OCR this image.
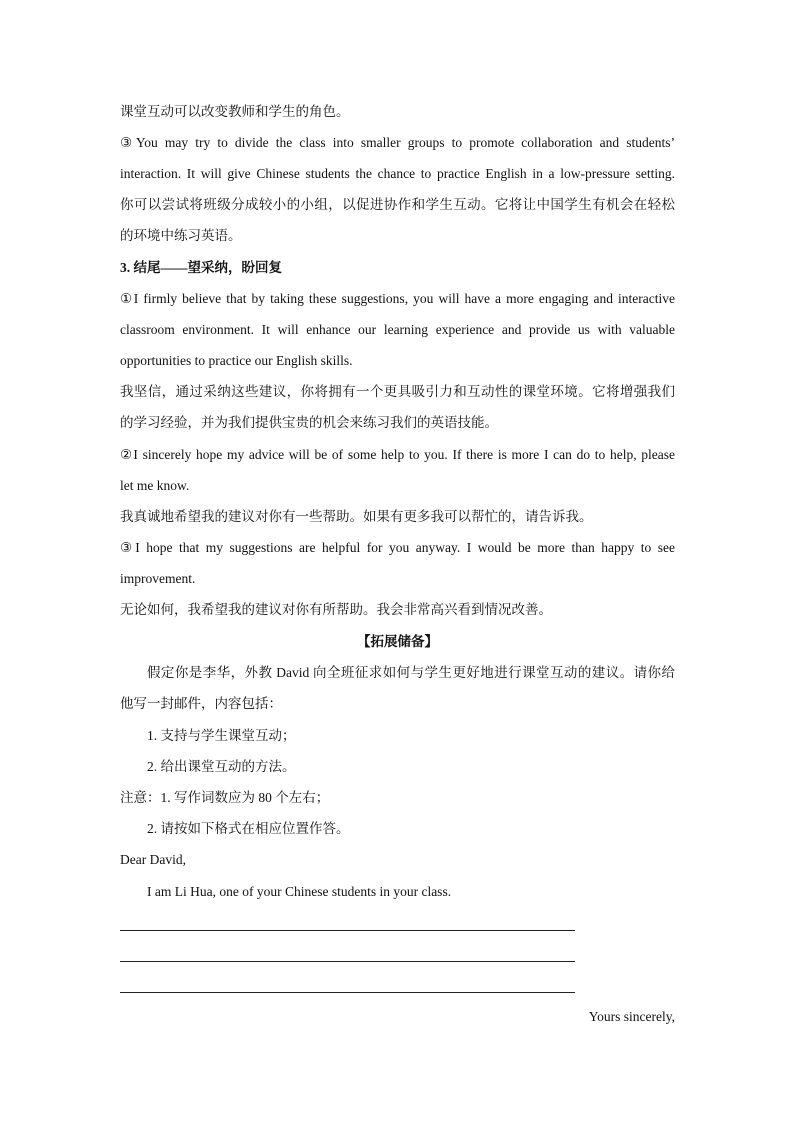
课堂互动可以改变教师和学生的角色。
③You may try to divide the class into smaller groups to promote collaboration and students’
interaction. It will give Chinese students the chance to practice English in a low-pressure setting.
你可以尝试将班级分成较小的小组，以促进协作和学生互动。它将让中国学生有机会在轻松
的环境中练习英语。
3. 结尾——望采纳，盼回复
①I firmly believe that by taking these suggestions, you will have a more engaging and interactive
classroom environment. It will enhance our learning experience and provide us with valuable
opportunities to practice our English skills.
我坚信，通过采纳这些建议，你将拥有一个更具吸引力和互动性的课堂环境。它将增强我们
的学习经验，并为我们提供宝贵的机会来练习我们的英语技能。
②I sincerely hope my advice will be of some help to you. If there is more I can do to help, please
let me know.
我真诚地希望我的建议对你有一些帮助。如果有更多我可以帮忙的，请告诉我。
③I hope that my suggestions are helpful for you anyway. I would be more than happy to see
improvement.
无论如何，我希望我的建议对你有所帮助。我会非常高兴看到情况改善。
【拓展储备】
假定你是李华，外教 David 向全班征求如何与学生更好地进行课堂互动的建议。请你给
他写一封邮件，内容包括：
1. 支持与学生课堂互动；
2. 给出课堂互动的方法。
注意：1. 写作词数应为 80 个左右；
2. 请按如下格式在相应位置作答。
Dear David,
I am Li Hua, one of your Chinese students in your class.
Yours sincerely,
